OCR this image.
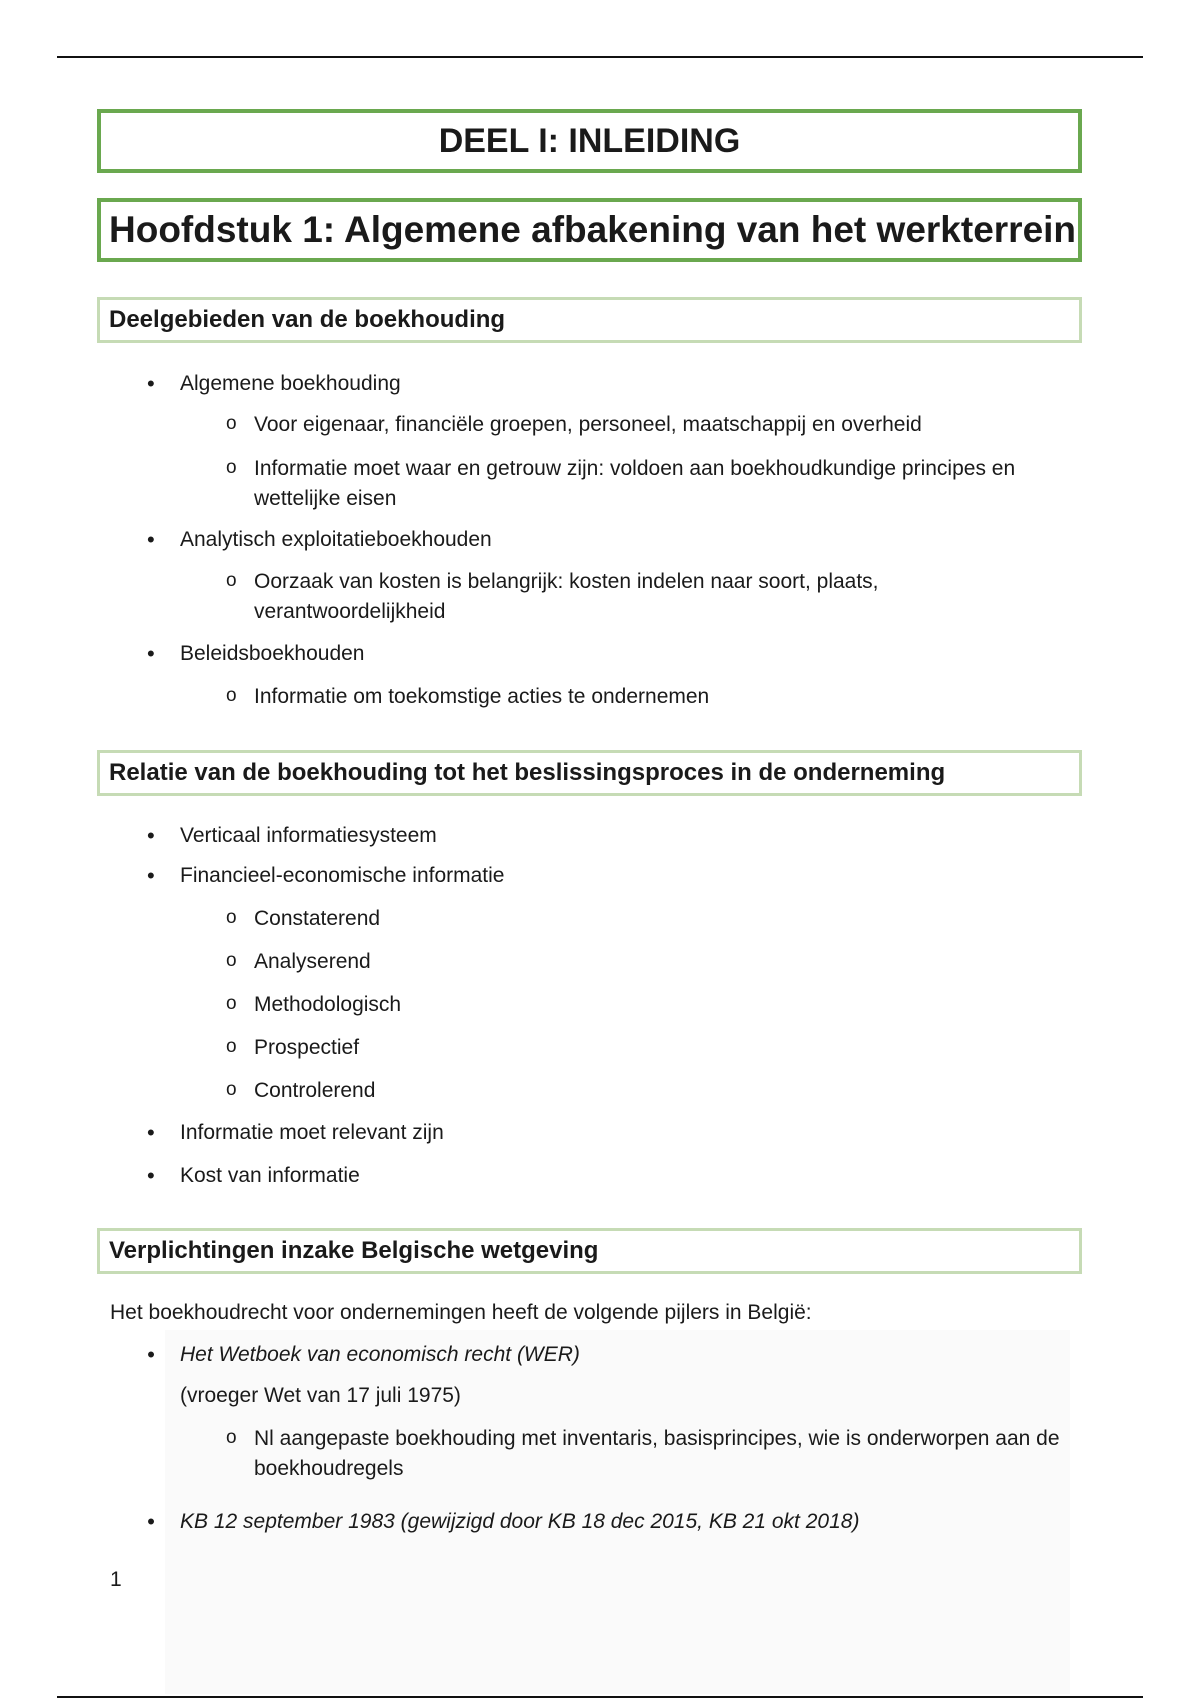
DEEL I: INLEIDING
Hoofdstuk 1: Algemene afbakening van het werkterrein
Deelgebieden van de boekhouding
• Algemene boekhouding
o Voor eigenaar, financiële groepen, personeel, maatschappij en overheid
o Informatie moet waar en getrouw zijn: voldoen aan boekhoudkundige principes en wettelijke eisen
• Analytisch exploitatieboekhouden
o Oorzaak van kosten is belangrijk: kosten indelen naar soort, plaats, verantwoordelijkheid
• Beleidsboekhouden
o Informatie om toekomstige acties te ondernemen
Relatie van de boekhouding tot het beslissingsproces in de onderneming
• Verticaal informatiesysteem
• Financieel-economische informatie
o Constaterend
o Analyserend
o Methodologisch
o Prospectief
o Controlerend
• Informatie moet relevant zijn
• Kost van informatie
Verplichtingen inzake Belgische wetgeving
Het boekhoudrecht voor ondernemingen heeft de volgende pijlers in België:
• Het Wetboek van economisch recht (WER)
(vroeger Wet van 17 juli 1975)
o Nl aangepaste boekhouding met inventaris, basisprincipes, wie is onderworpen aan de boekhoudregels
• KB 12 september 1983 (gewijzigd door KB 18 dec 2015, KB 21 okt 2018)
1
